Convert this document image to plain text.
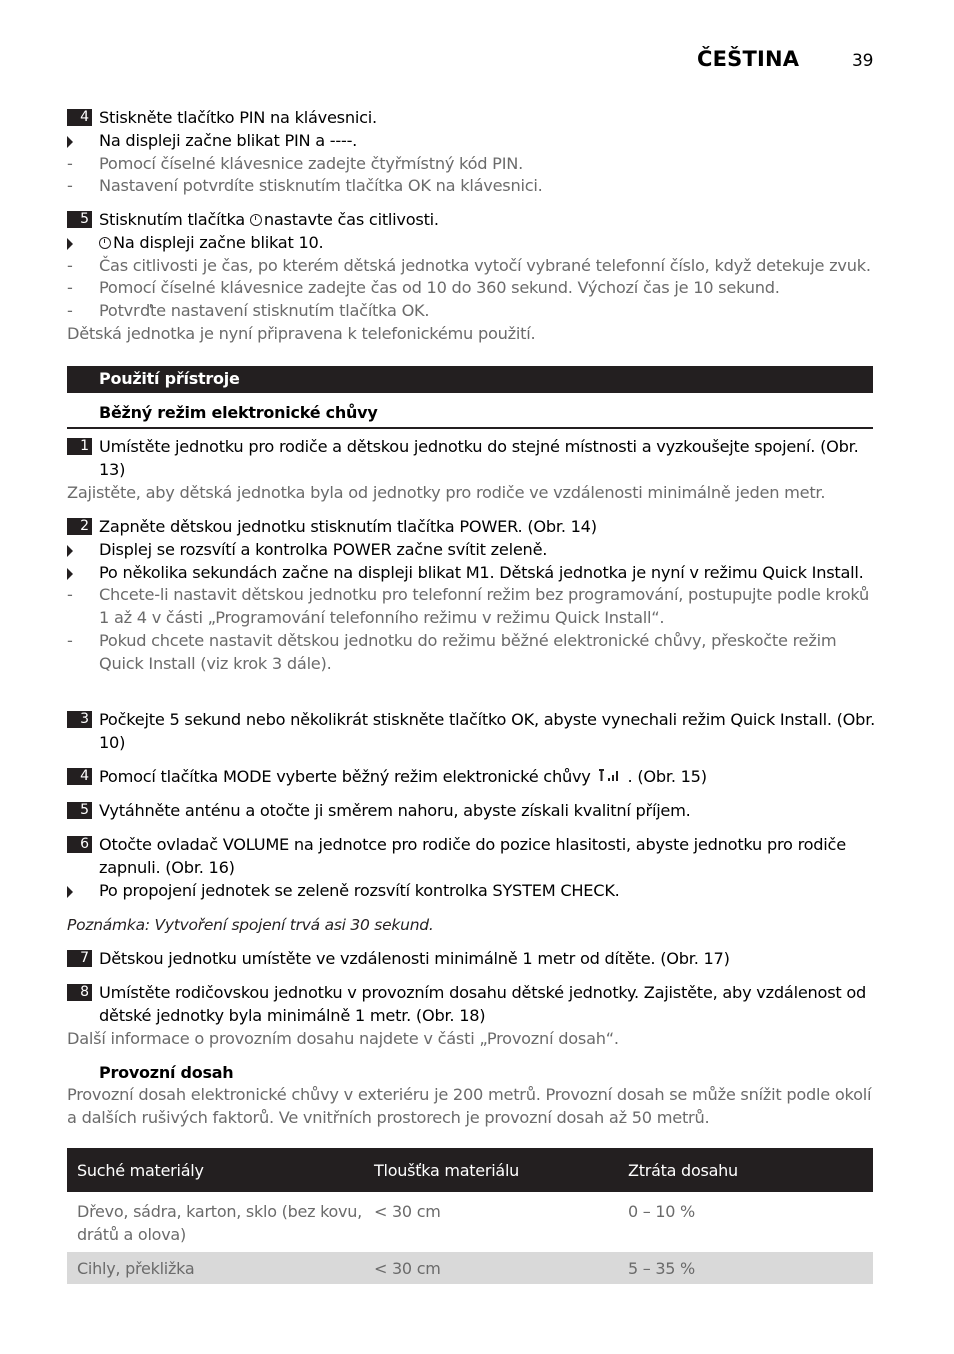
ČEŠTINA	39
4 Stiskněte tlačítko PIN na klávesnici.
Na displeji začne blikat PIN a ----.
- Pomocí číselné klávesnice zadejte čtyřmístný kód PIN.
- Nastavení potvrdíte stisknutím tlačítka OK na klávesnici.
5 Stisknutím tlačítka nastavte čas citlivosti.
Na displeji začne blikat 10.
- Čas citlivosti je čas, po kterém dětská jednotka vytočí vybrané telefonní číslo, když detekuje zvuk.
- Pomocí číselné klávesnice zadejte čas od 10 do 360 sekund. Výchozí čas je 10 sekund.
- Potvrďte nastavení stisknutím tlačítka OK.
Dětská jednotka je nyní připravena k telefonickému použití.
Použití přístroje
Běžný režim elektronické chůvy
1 Umístěte jednotku pro rodiče a dětskou jednotku do stejné místnosti a vyzkoušejte spojení. (Obr. 13)
Zajistěte, aby dětská jednotka byla od jednotky pro rodiče ve vzdálenosti minimálně jeden metr.
2 Zapněte dětskou jednotku stisknutím tlačítka POWER. (Obr. 14)
Displej se rozsvítí a kontrolka POWER začne svítit zeleně.
Po několika sekundách začne na displeji blikat M1. Dětská jednotka je nyní v režimu Quick Install.
- Chcete-li nastavit dětskou jednotku pro telefonní režim bez programování, postupujte podle kroků 1 až 4 v části „Programování telefonního režimu v režimu Quick Install“.
- Pokud chcete nastavit dětskou jednotku do režimu běžné elektronické chůvy, přeskočte režim Quick Install (viz krok 3 dále).
3 Počkejte 5 sekund nebo několikrát stiskněte tlačítko OK, abyste vynechali režim Quick Install. (Obr. 10)
4 Pomocí tlačítka MODE vyberte běžný režim elektronické chůvy . (Obr. 15)
5 Vytáhněte anténu a otočte ji směrem nahoru, abyste získali kvalitní příjem.
6 Otočte ovladač VOLUME na jednotce pro rodiče do pozice hlasitosti, abyste jednotku pro rodiče zapnuli. (Obr. 16)
Po propojení jednotek se zeleně rozsvítí kontrolka SYSTEM CHECK.
Poznámka: Vytvoření spojení trvá asi 30 sekund.
7 Dětskou jednotku umístěte ve vzdálenosti minimálně 1 metr od dítěte. (Obr. 17)
8 Umístěte rodičovskou jednotku v provozním dosahu dětské jednotky. Zajistěte, aby vzdálenost od dětské jednotky byla minimálně 1 metr. (Obr. 18)
Další informace o provozním dosahu najdete v části „Provozní dosah“.
Provozní dosah
Provozní dosah elektronické chůvy v exteriéru je 200 metrů. Provozní dosah se může snížit podle okolí a dalších rušivých faktorů. Ve vnitřních prostorech je provozní dosah až 50 metrů.
Suché materiály	Tloušťka materiálu	Ztráta dosahu
Dřevo, sádra, karton, sklo (bez kovu, drátů a olova)	< 30 cm	0 – 10 %
Cihly, překližka	< 30 cm	5 – 35 %
